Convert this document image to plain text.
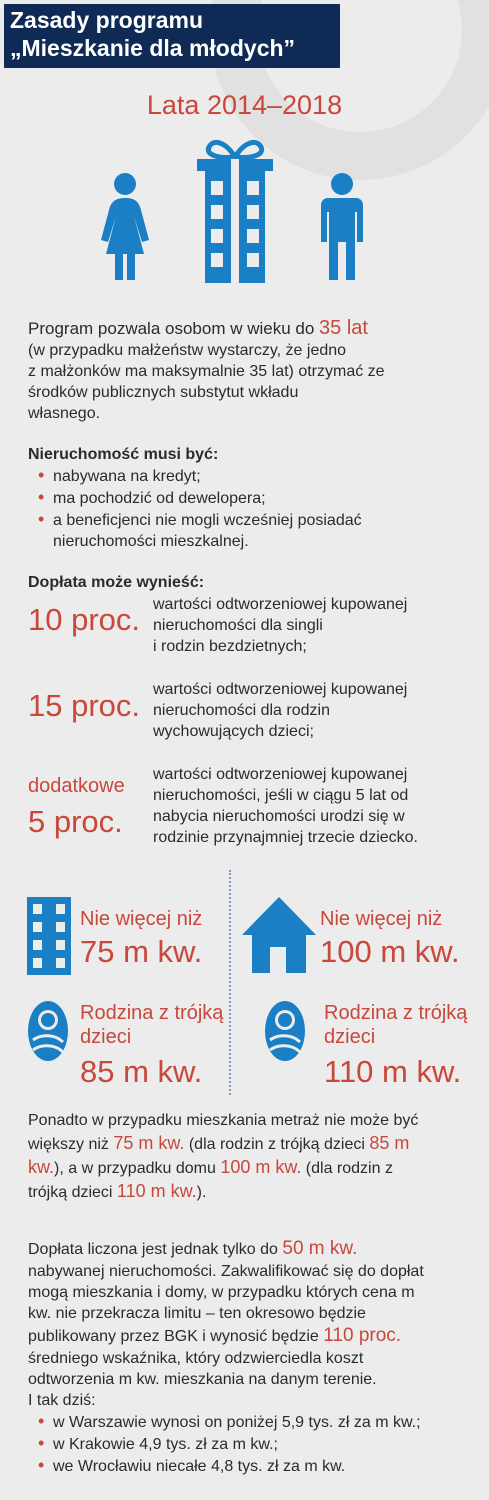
Zasady programu
„Mieszkanie dla młodych”
Lata 2014–2018
Program pozwala osobom w wieku do 35 lat
(w przypadku małżeństw wystarczy, że jedno
z małżonków ma maksymalnie 35 lat) otrzymać ze
środków publicznych substytut wkładu
własnego.
Nieruchomość musi być:
• nabywana na kredyt;
• ma pochodzić od dewelopera;
• a beneficjenci nie mogli wcześniej posiadać
nieruchomości mieszkalnej.
Dopłata może wynieść:
10 proc. wartości odtworzeniowej kupowanej
nieruchomości dla singli
i rodzin bezdzietnych;
15 proc. wartości odtworzeniowej kupowanej
nieruchomości dla rodzin
wychowujących dzieci;
dodatkowe
5 proc.
wartości odtworzeniowej kupowanej
nieruchomości, jeśli w ciągu 5 lat od
nabycia nieruchomości urodzi się w
rodzinie przynajmniej trzecie dziecko.
Nie więcej niż
75 m kw.
Nie więcej niż
100 m kw.
Rodzina z trójką
dzieci
85 m kw.
Rodzina z trójką
dzieci
110 m kw.
Ponadto w przypadku mieszkania metraż nie może być
większy niż 75 m kw. (dla rodzin z trójką dzieci 85 m
kw.), a w przypadku domu 100 m kw. (dla rodzin z
trójką dzieci 110 m kw.).
Dopłata liczona jest jednak tylko do 50 m kw.
nabywanej nieruchomości. Zakwalifikować się do dopłat
mogą mieszkania i domy, w przypadku których cena m
kw. nie przekracza limitu – ten okresowo będzie
publikowany przez BGK i wynosić będzie 110 proc.
średniego wskaźnika, który odzwierciedla koszt
odtworzenia m kw. mieszkania na danym terenie.
I tak dziś:
• w Warszawie wynosi on poniżej 5,9 tys. zł za m kw.;
• w Krakowie 4,9 tys. zł za m kw.;
• we Wrocławiu niecałe 4,8 tys. zł za m kw.
